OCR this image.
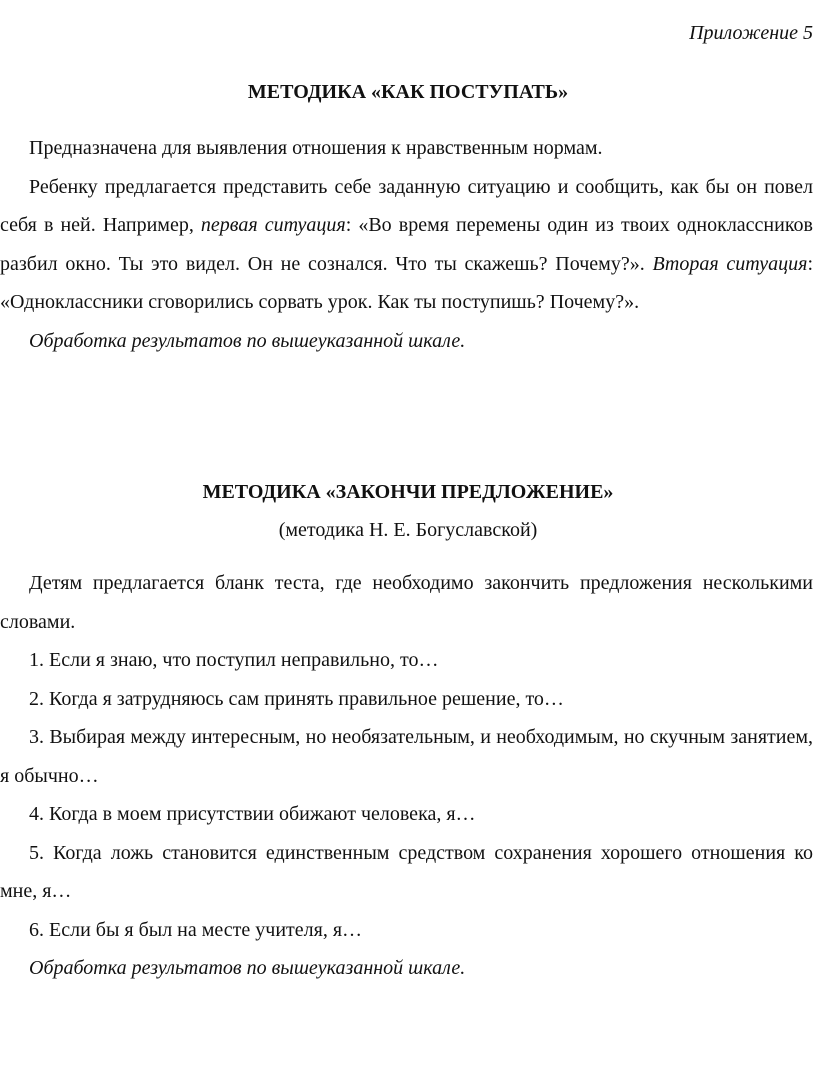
Приложение 5
МЕТОДИКА «КАК ПОСТУПАТЬ»

Предназначена для выявления отношения к нравственным нормам.

Ребенку предлагается представить себе заданную ситуацию и сообщить, как бы он повел себя в ней. Например, первая ситуация: «Во время перемены один из твоих одноклассников разбил окно. Ты это видел. Он не сознался. Что ты скажешь? Почему?». Вторая ситуация: «Одноклассники сговорились сорвать урок. Как ты поступишь? Почему?».

Обработка результатов по вышеуказанной шкале.

МЕТОДИКА «ЗАКОНЧИ ПРЕДЛОЖЕНИЕ»
(методика Н. Е. Богуславской)

Детям предлагается бланк теста, где необходимо закончить предложения несколькими словами.

1. Если я знаю, что поступил неправильно, то…

2. Когда я затрудняюсь сам принять правильное решение, то…

3. Выбирая между интересным, но необязательным, и необходимым, но скучным занятием, я обычно…

4. Когда в моем присутствии обижают человека, я…

5. Когда ложь становится единственным средством сохранения хорошего отношения ко мне, я…

6. Если бы я был на месте учителя, я…

Обработка результатов по вышеуказанной шкале.
